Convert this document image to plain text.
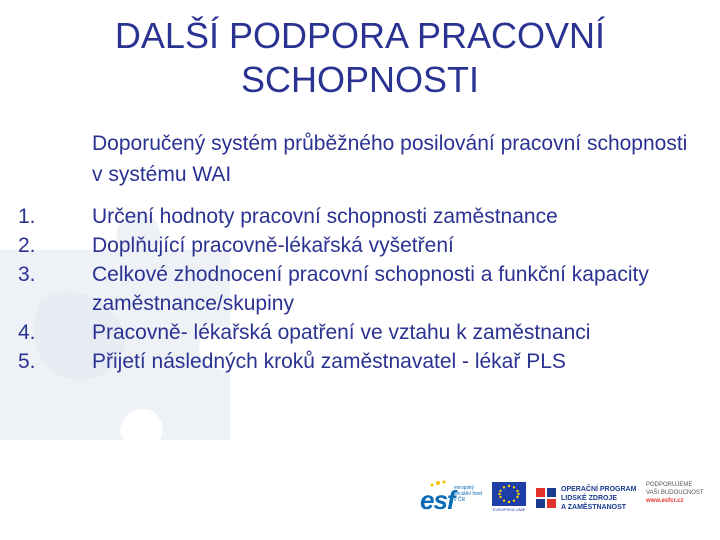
DALŠÍ PODPORA PRACOVNÍ SCHOPNOSTI
Doporučený systém průběžného posilování pracovní schopnosti v systému WAI
1.	Určení hodnoty pracovní schopnosti zaměstnance
2.	Doplňující pracovně-lékařská vyšetření
3.	Celkové zhodnocení pracovní schopnosti a funkční kapacity zaměstnance/skupiny
4.	Pracovně- lékařská opatření ve vztahu k zaměstnanci
5.	Přijetí následných kroků zaměstnavatel - lékař PLS
esf evropský sociální fond v ČR
EVROPSKÁ UNIE
OPERAČNÍ PROGRAM
LIDSKÉ ZDROJE
A ZAMĚSTNANOST
PODPORUJEME
VAŠI BUDOUCNOST
www.esfcr.cz
